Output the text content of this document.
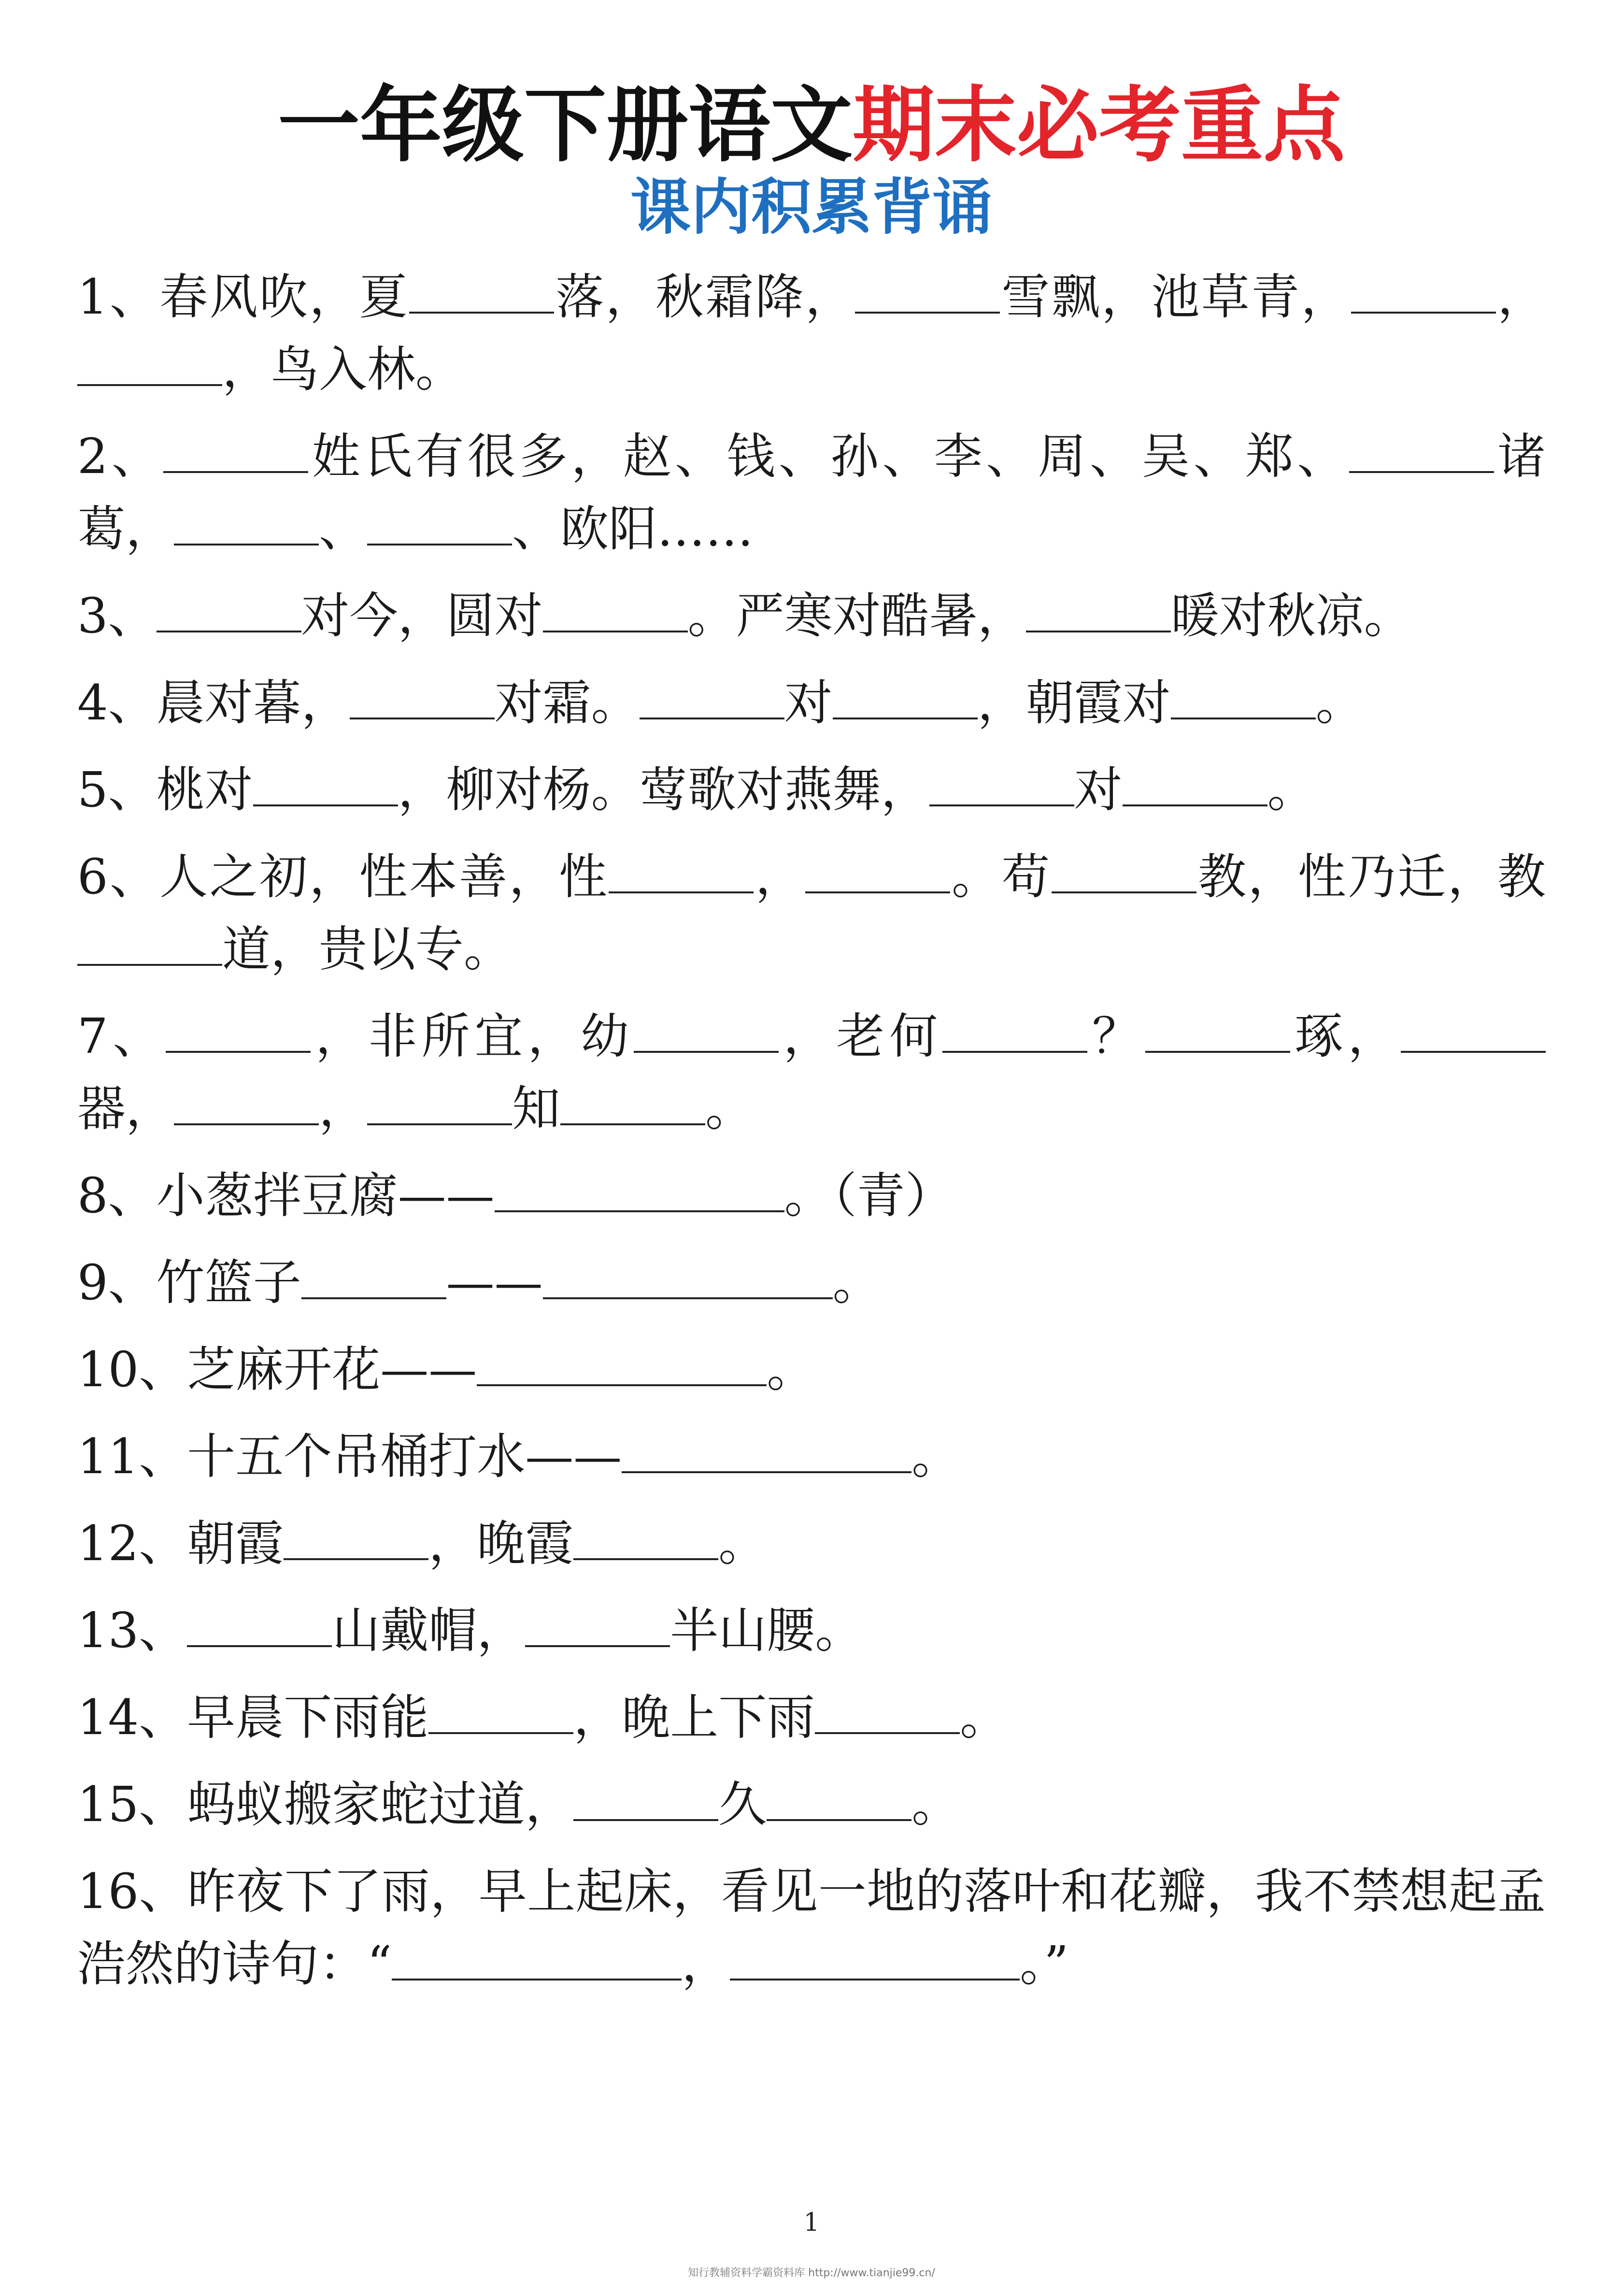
一年级下册语文期末必考重点
课内积累背诵
1、春风吹，夏	落，秋霜降，	雪飘，池草青，	，，鸟入林。
2、	姓氏有很多，赵、钱、孙、李、周、吴、郑、	诸葛，	、	、欧阳……
3、	对今，圆对	。严寒对酷暑，	暖对秋凉。
4、晨对暮，	对霜。	对	，朝霞对	。
5、桃对	，柳对杨。莺歌对燕舞，	对	。
6、人之初，性本善，性	，	。苟	教，性乃迁，教道，贵以专。
7、	，非所宜，幼	，老何	？	琢，器，	，	知	。
8、小葱拌豆腐——	。（青）
9、竹篮子	——	。
10、芝麻开花——	。
11、十五个吊桶打水——	。
12、朝霞	，晚霞	。
13、	山戴帽，	半山腰。
14、早晨下雨能	，晚上下雨	。
15、蚂蚁搬家蛇过道，	久	。
16、昨夜下了雨，早上起床，看见一地的落叶和花瓣，我不禁想起孟浩然的诗句：“	，	。”
1
知行教辅资料学霸资料库 http://www.tianjie99.cn/
